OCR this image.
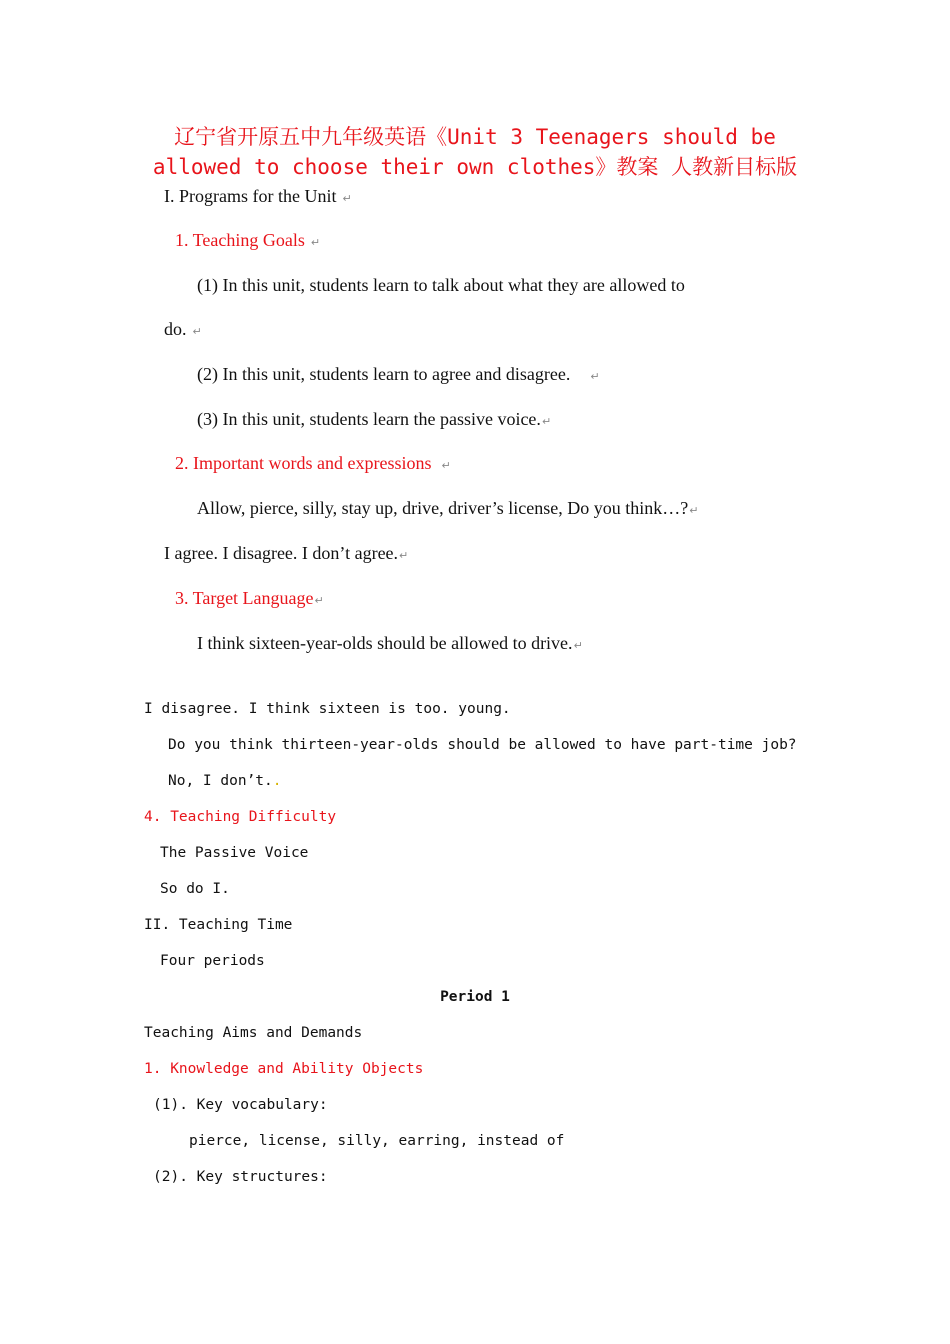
辽宁省开原五中九年级英语《Unit 3 Teenagers should be
allowed to choose their own clothes》教案 人教新目标版
I. Programs for the Unit ↵
1. Teaching Goals ↵
(1) In this unit, students learn to talk about what they are allowed to
do. ↵
(2) In this unit, students learn to agree and disagree. ↵
(3) In this unit, students learn the passive voice.↵
2. Important words and expressions ↵
Allow, pierce, silly, stay up, drive, driver’s license, Do you think…?↵
I agree. I disagree. I don’t agree.↵
3. Target Language↵
I think sixteen-year-olds should be allowed to drive.↵
I disagree. I think sixteen is too. young.
Do you think thirteen-year-olds should be allowed to have part-time job?
No, I don’t..
4. Teaching Difficulty
The Passive Voice
So do I.
II. Teaching Time
Four periods
Period 1
Teaching Aims and Demands
1. Knowledge and Ability Objects
(1). Key vocabulary:
pierce, license, silly, earring, instead of
(2). Key structures:
